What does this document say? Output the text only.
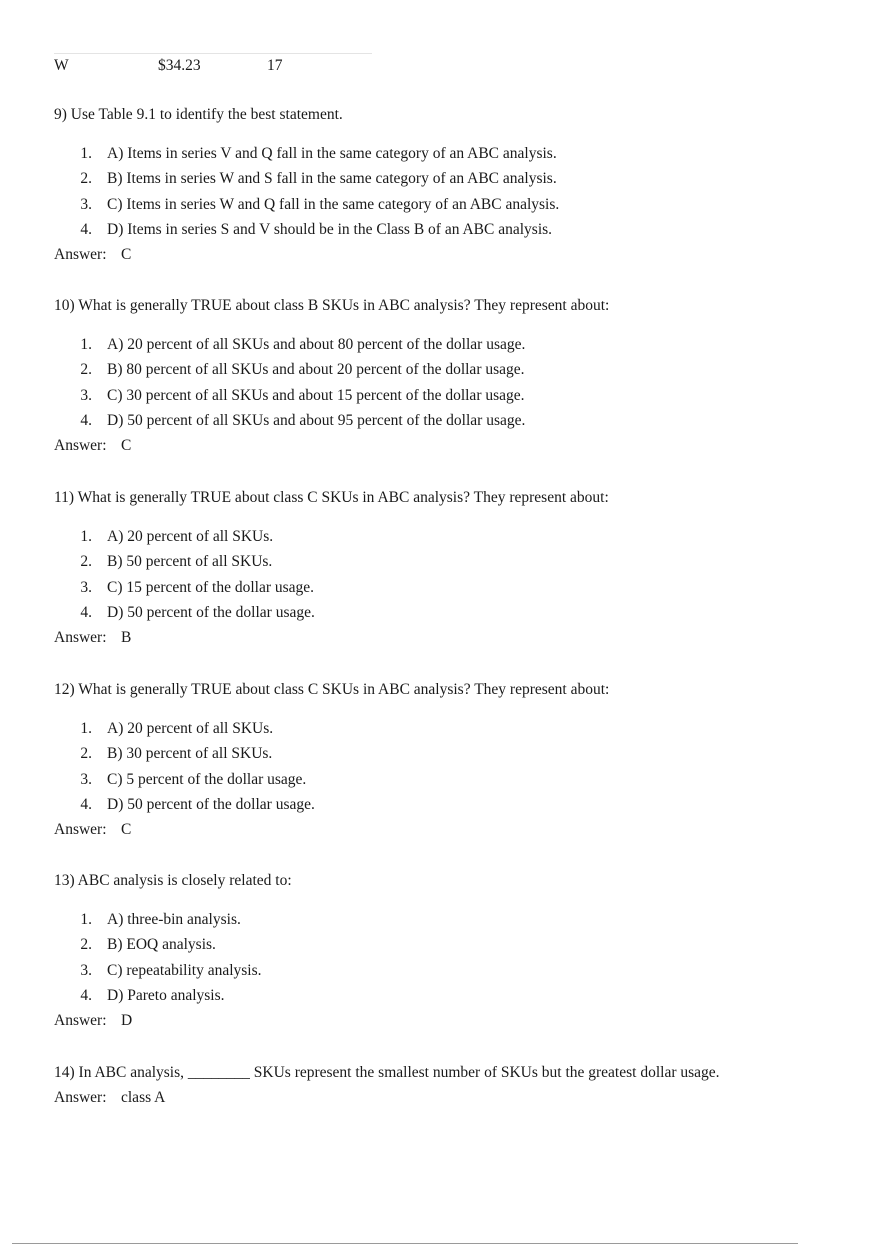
W	$34.23	17
9) Use Table 9.1 to identify the best statement.
1. A) Items in series V and Q fall in the same category of an ABC analysis.
2. B) Items in series W and S fall in the same category of an ABC analysis.
3. C) Items in series W and Q fall in the same category of an ABC analysis.
4. D) Items in series S and V should be in the Class B of an ABC analysis.
Answer: C
10) What is generally TRUE about class B SKUs in ABC analysis? They represent about:
1. A) 20 percent of all SKUs and about 80 percent of the dollar usage.
2. B) 80 percent of all SKUs and about 20 percent of the dollar usage.
3. C) 30 percent of all SKUs and about 15 percent of the dollar usage.
4. D) 50 percent of all SKUs and about 95 percent of the dollar usage.
Answer: C
11) What is generally TRUE about class C SKUs in ABC analysis? They represent about:
1. A) 20 percent of all SKUs.
2. B) 50 percent of all SKUs.
3. C) 15 percent of the dollar usage.
4. D) 50 percent of the dollar usage.
Answer: B
12) What is generally TRUE about class C SKUs in ABC analysis? They represent about:
1. A) 20 percent of all SKUs.
2. B) 30 percent of all SKUs.
3. C) 5 percent of the dollar usage.
4. D) 50 percent of the dollar usage.
Answer: C
13) ABC analysis is closely related to:
1. A) three-bin analysis.
2. B) EOQ analysis.
3. C) repeatability analysis.
4. D) Pareto analysis.
Answer: D
14) In ABC analysis, ________ SKUs represent the smallest number of SKUs but the greatest dollar usage.
Answer: class A
